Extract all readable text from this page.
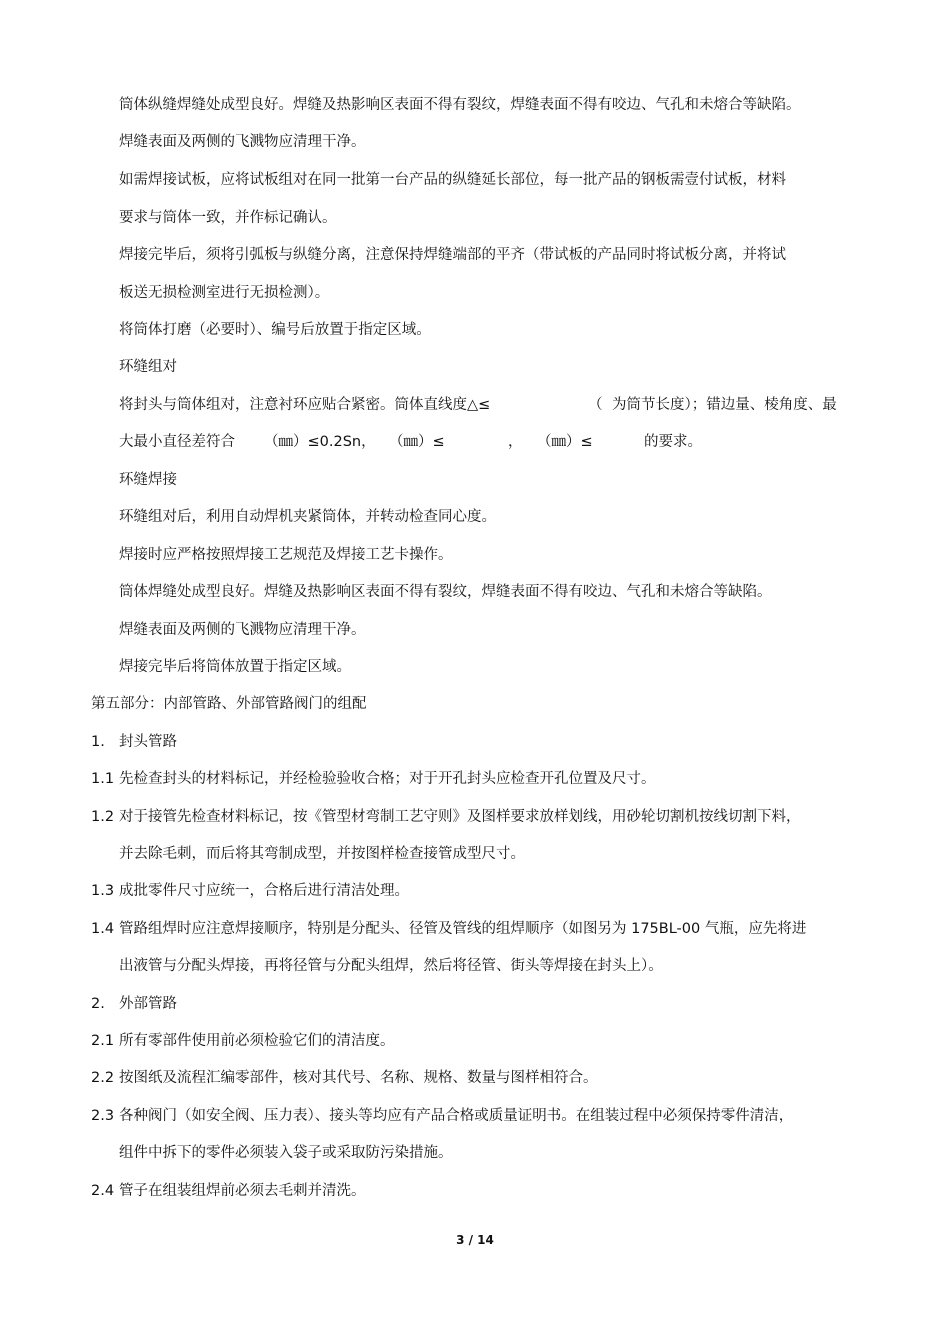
筒体纵缝焊缝处成型良好。焊缝及热影响区表面不得有裂纹，焊缝表面不得有咬边、气孔和未熔合等缺陷。
焊缝表面及两侧的飞溅物应清理干净。
如需焊接试板，应将试板组对在同一批第一台产品的纵缝延长部位，每一批产品的钢板需壹付试板，材料
要求与筒体一致，并作标记确认。
焊接完毕后，须将引弧板与纵缝分离，注意保持焊缝端部的平齐（带试板的产品同时将试板分离，并将试
板送无损检测室进行无损检测）。
将筒体打磨（必要时）、编号后放置于指定区域。
环缝组对
将封头与筒体组对，注意衬环应贴合紧密。筒体直线度△≤	（ 为筒节长度）；错边量、棱角度、最
大最小直径差符合 （㎜）≤0.2Sn， （㎜）≤	， （㎜）≤	的要求。
环缝焊接
环缝组对后，利用自动焊机夹紧筒体，并转动检查同心度。
焊接时应严格按照焊接工艺规范及焊接工艺卡操作。
筒体焊缝处成型良好。焊缝及热影响区表面不得有裂纹，焊缝表面不得有咬边、气孔和未熔合等缺陷。
焊缝表面及两侧的飞溅物应清理干净。
焊接完毕后将筒体放置于指定区域。
第五部分：内部管路、外部管路阀门的组配
1. 封头管路
1.1 先检查封头的材料标记，并经检验验收合格；对于开孔封头应检查开孔位置及尺寸。
1.2 对于接管先检查材料标记，按《管型材弯制工艺守则》及图样要求放样划线，用砂轮切割机按线切割下料，
并去除毛刺，而后将其弯制成型，并按图样检查接管成型尺寸。
1.3 成批零件尺寸应统一，合格后进行清洁处理。
1.4 管路组焊时应注意焊接顺序，特别是分配头、径管及管线的组焊顺序（如图另为 175BL-00 气瓶，应先将进
出液管与分配头焊接，再将径管与分配头组焊，然后将径管、街头等焊接在封头上）。
2. 外部管路
2.1 所有零部件使用前必须检验它们的清洁度。
2.2 按图纸及流程汇编零部件，核对其代号、名称、规格、数量与图样相符合。
2.3 各种阀门（如安全阀、压力表）、接头等均应有产品合格或质量证明书。在组装过程中必须保持零件清洁，
组件中拆下的零件必须装入袋子或采取防污染措施。
2.4 管子在组装组焊前必须去毛刺并清洗。
3 / 14
